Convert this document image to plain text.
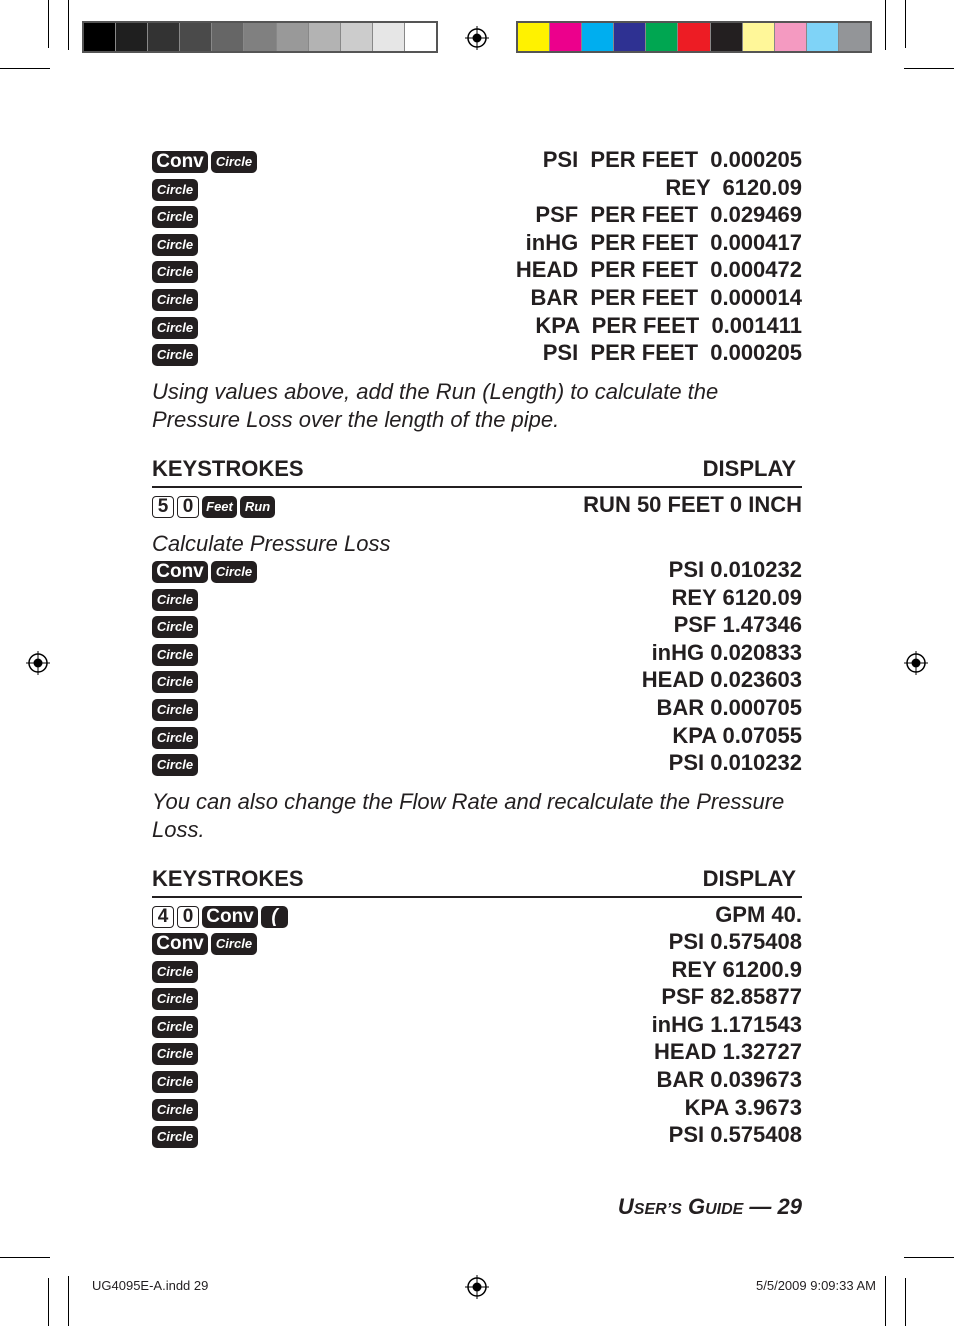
Conv Circle	PSI  PER FEET  0.000205
Circle	REY  6120.09
Circle	PSF  PER FEET  0.029469
Circle	inHG  PER FEET  0.000417
Circle	HEAD  PER FEET  0.000472
Circle	BAR  PER FEET  0.000014
Circle	KPA  PER FEET  0.001411
Circle	PSI  PER FEET  0.000205
Using values above, add the Run (Length) to calculate the Pressure Loss over the length of the pipe.
KEYSTROKES	DISPLAY
5 0 Feet Run	RUN 50 FEET 0 INCH
Calculate Pressure Loss
Conv Circle	PSI 0.010232
Circle	REY 6120.09
Circle	PSF 1.47346
Circle	inHG 0.020833
Circle	HEAD 0.023603
Circle	BAR 0.000705
Circle	KPA 0.07055
Circle	PSI 0.010232
You can also change the Flow Rate and recalculate the Pressure Loss.
KEYSTROKES	DISPLAY
4 0 Conv (	GPM 40.
Conv Circle	PSI 0.575408
Circle	REY 61200.9
Circle	PSF 82.85877
Circle	inHG 1.171543
Circle	HEAD 1.32727
Circle	BAR 0.039673
Circle	KPA 3.9673
Circle	PSI 0.575408
USER’S GUIDE — 29
UG4095E-A.indd 29	5/5/2009 9:09:33 AM
